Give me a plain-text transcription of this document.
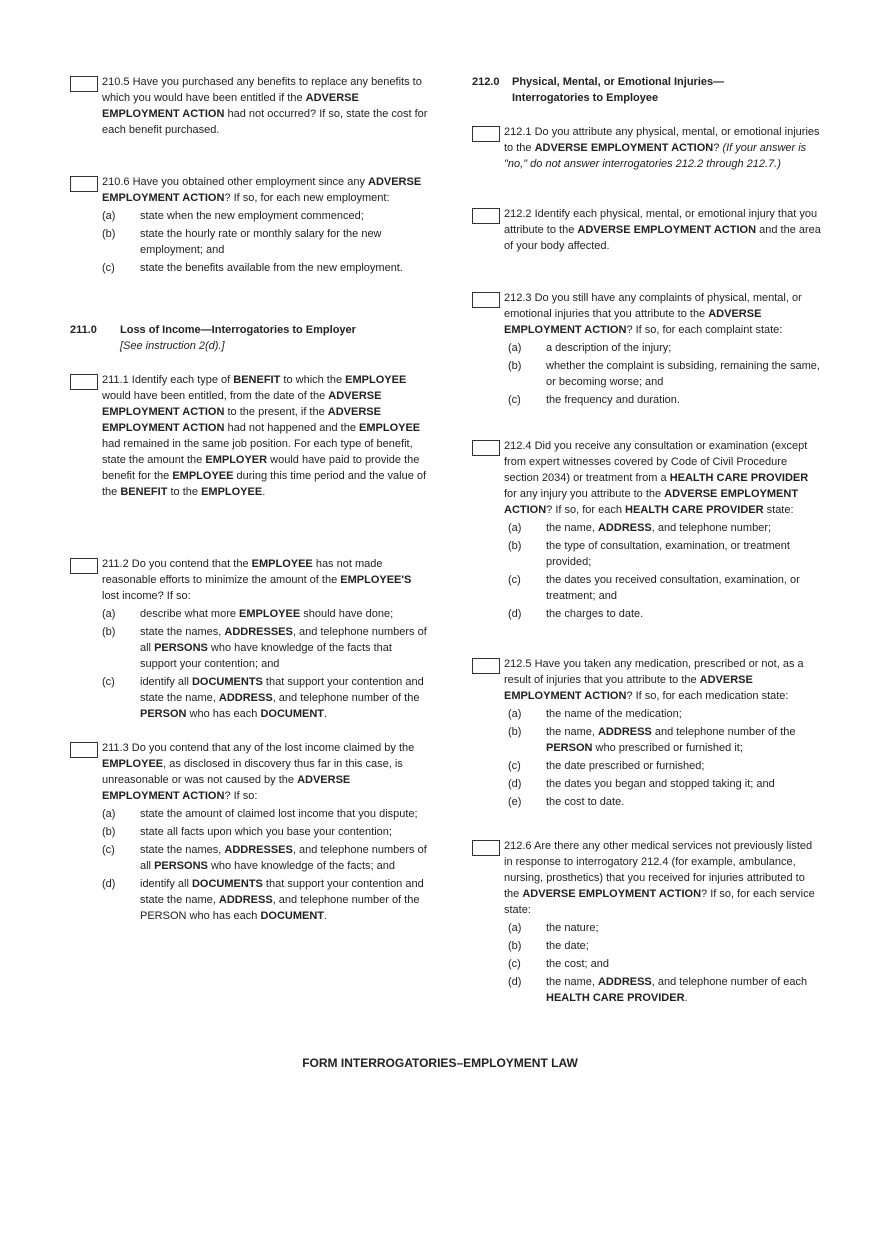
210.5 Have you purchased any benefits to replace any benefits to which you would have been entitled if the ADVERSE EMPLOYMENT ACTION had not occurred? If so, state the cost for each benefit purchased.
210.6 Have you obtained other employment since any ADVERSE EMPLOYMENT ACTION? If so, for each new employment:
(a) state when the new employment commenced;
(b) state the hourly rate or monthly salary for the new employment; and
(c) state the benefits available from the new employment.
211.0 Loss of Income—Interrogatories to Employer
[See instruction 2(d).]
211.1 Identify each type of BENEFIT to which the EMPLOYEE would have been entitled, from the date of the ADVERSE EMPLOYMENT ACTION to the present, if the ADVERSE EMPLOYMENT ACTION had not happened and the EMPLOYEE had remained in the same job position. For each type of benefit, state the amount the EMPLOYER would have paid to provide the benefit for the EMPLOYEE during this time period and the value of the BENEFIT to the EMPLOYEE.
211.2 Do you contend that the EMPLOYEE has not made reasonable efforts to minimize the amount of the EMPLOYEE'S lost income? If so:
(a) describe what more EMPLOYEE should have done;
(b) state the names, ADDRESSES, and telephone numbers of all PERSONS who have knowledge of the facts that support your contention; and
(c) identify all DOCUMENTS that support your contention and state the name, ADDRESS, and telephone number of the PERSON who has each DOCUMENT.
211.3 Do you contend that any of the lost income claimed by the EMPLOYEE, as disclosed in discovery thus far in this case, is unreasonable or was not caused by the ADVERSE EMPLOYMENT ACTION? If so:
(a) state the amount of claimed lost income that you dispute;
(b) state all facts upon which you base your contention;
(c) state the names, ADDRESSES, and telephone numbers of all PERSONS who have knowledge of the facts; and
(d) identify all DOCUMENTS that support your contention and state the name, ADDRESS, and telephone number of the PERSON who has each DOCUMENT.
212.0 Physical, Mental, or Emotional Injuries—
Interrogatories to Employee
212.1 Do you attribute any physical, mental, or emotional injuries to the ADVERSE EMPLOYMENT ACTION? (If your answer is "no," do not answer interrogatories 212.2 through 212.7.)
212.2 Identify each physical, mental, or emotional injury that you attribute to the ADVERSE EMPLOYMENT ACTION and the area of your body affected.
212.3 Do you still have any complaints of physical, mental, or emotional injuries that you attribute to the ADVERSE EMPLOYMENT ACTION? If so, for each complaint state:
(a) a description of the injury;
(b) whether the complaint is subsiding, remaining the same, or becoming worse; and
(c) the frequency and duration.
212.4 Did you receive any consultation or examination (except from expert witnesses covered by Code of Civil Procedure section 2034) or treatment from a HEALTH CARE PROVIDER for any injury you attribute to the ADVERSE EMPLOYMENT ACTION? If so, for each HEALTH CARE PROVIDER state:
(a) the name, ADDRESS, and telephone number;
(b) the type of consultation, examination, or treatment provided;
(c) the dates you received consultation, examination, or treatment; and
(d) the charges to date.
212.5 Have you taken any medication, prescribed or not, as a result of injuries that you attribute to the ADVERSE EMPLOYMENT ACTION? If so, for each medication state:
(a) the name of the medication;
(b) the name, ADDRESS and telephone number of the PERSON who prescribed or furnished it;
(c) the date prescribed or furnished;
(d) the dates you began and stopped taking it; and
(e) the cost to date.
212.6 Are there any other medical services not previously listed in response to interrogatory 212.4 (for example, ambulance, nursing, prosthetics) that you received for injuries attributed to the ADVERSE EMPLOYMENT ACTION? If so, for each service state:
(a) the nature;
(b) the date;
(c) the cost; and
(d) the name, ADDRESS, and telephone number of each HEALTH CARE PROVIDER.
FORM INTERROGATORIES–EMPLOYMENT LAW
